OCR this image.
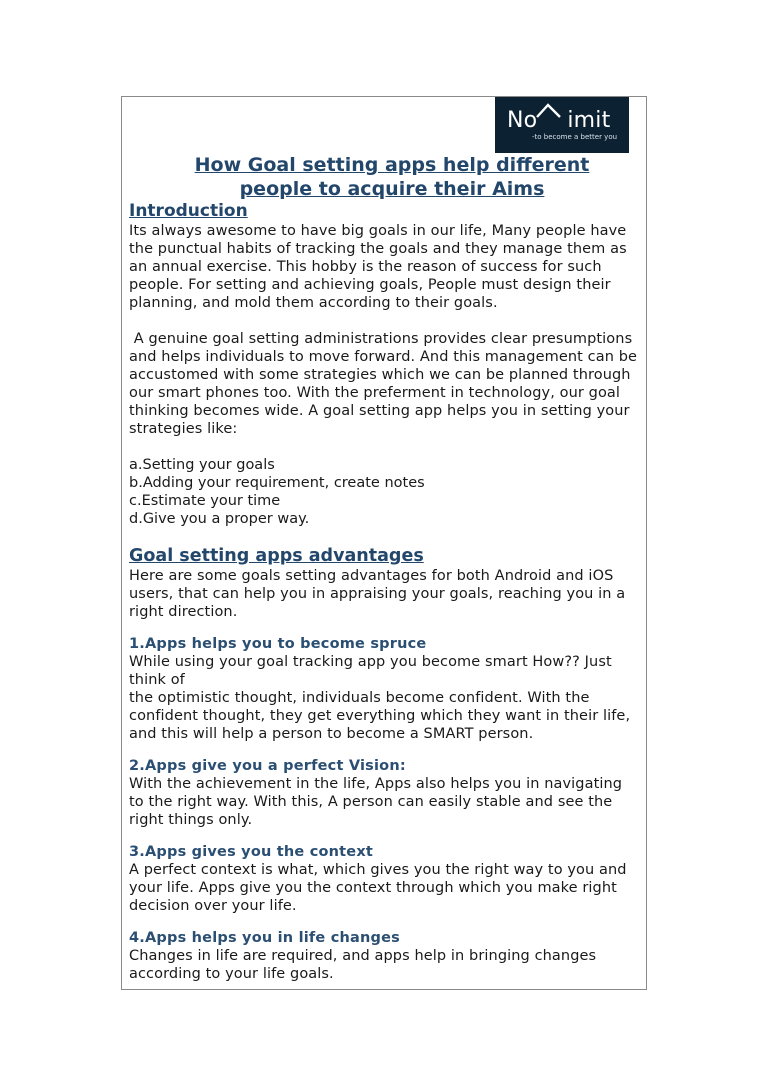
No imit
-to become a better you
How Goal setting apps help different
people to acquire their Aims
Introduction

Its always awesome to have big goals in our life, Many people have the punctual habits of tracking the goals and they manage them as an annual exercise. This hobby is the reason of success for such people. For setting and achieving goals, People must design their planning, and mold them according to their goals.

A genuine goal setting administrations provides clear presumptions and helps individuals to move forward. And this management can be accustomed with some strategies which we can be planned through our smart phones too. With the preferment in technology, our goal thinking becomes wide. A goal setting app helps you in setting your strategies like:

a.Setting your goals
b.Adding your requirement, create notes
c.Estimate your time
d.Give you a proper way.
Goal setting apps advantages

Here are some goals setting advantages for both Android and iOS users, that can help you in appraising your goals, reaching you in a right direction.

1.Apps helps you to become spruce

While using your goal tracking app you become smart How?? Just think of

the optimistic thought, individuals become confident. With the confident thought, they get everything which they want in their life, and this will help a person to become a SMART person.

2.Apps give you a perfect Vision:

With the achievement in the life, Apps also helps you in navigating to the right way. With this, A person can easily stable and see the right things only.

3.Apps gives you the context

A perfect context is what, which gives you the right way to you and your life. Apps give you the context through which you make right decision over your life.

4.Apps helps you in life changes

Changes in life are required, and apps help in bringing changes according to your life goals.
